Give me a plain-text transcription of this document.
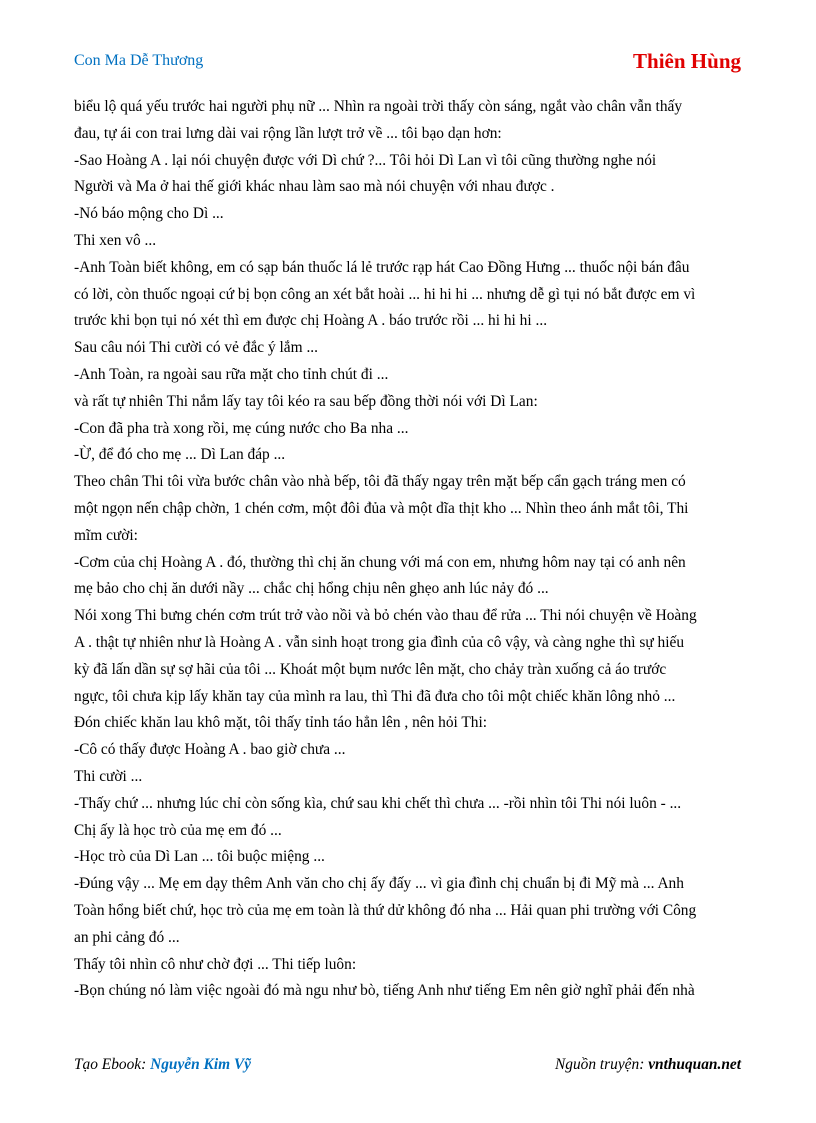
Con Ma Dễ Thương	Thiên Hùng

biểu lộ quá yếu trước hai người phụ nữ ... Nhìn ra ngoài trời thấy còn sáng, ngắt vào chân vẫn thấy

đau, tự ái con trai lưng dài vai rộng lần lượt trở về ... tôi bạo dạn hơn:

-Sao Hoàng A . lại nói chuyện được với Dì chứ ?... Tôi hỏi Dì Lan vì tôi cũng thường nghe nói

Người và Ma ở hai thế giới khác nhau làm sao mà nói chuyện với nhau được .

-Nó báo mộng cho Dì ...

Thi xen vô ...

-Anh Toàn biết không, em có sạp bán thuốc lá lẻ trước rạp hát Cao Đồng Hưng ... thuốc nội bán đâu

có lời, còn thuốc ngoại cứ bị bọn công an xét bắt hoài ... hi hi hi ... nhưng dễ gì tụi nó bắt được em vì

trước khi bọn tụi nó xét thì em được chị Hoàng A . báo trước rồi ... hi hi hi ...

Sau câu nói Thi cười có vẻ đắc ý lắm ...

-Anh Toàn, ra ngoài sau rữa mặt cho tỉnh chút đi ...

và rất tự nhiên Thi nắm lấy tay tôi kéo ra sau bếp đồng thời nói với Dì Lan:

-Con đã pha trà xong rồi, mẹ cúng nước cho Ba nha ...

-Ừ, để đó cho mẹ ... Dì Lan đáp ...

Theo chân Thi tôi vừa bước chân vào nhà bếp, tôi đã thấy ngay trên mặt bếp cẩn gạch tráng men có

một ngọn nến chập chờn, 1 chén cơm, một đôi đủa và một dĩa thịt kho ... Nhìn theo ánh mắt tôi, Thi

mĩm cười:

-Cơm của chị Hoàng A . đó, thường thì chị ăn chung với má con em, nhưng hôm nay tại có anh nên

mẹ bảo cho chị ăn dưới nầy ... chắc chị hổng chịu nên ghẹo anh lúc nảy đó ...

Nói xong Thi bưng chén cơm trút trở vào nồi và bỏ chén vào thau để rửa ... Thi nói chuyện về Hoàng

A . thật tự nhiên như là Hoàng A . vẫn sinh hoạt trong gia đình của cô vậy, và càng nghe thì sự hiếu

kỳ đã lấn dần sự sợ hãi của tôi ... Khoát một bụm nước lên mặt, cho chảy tràn xuống cả áo trước

ngực, tôi chưa kịp lấy khăn tay của mình ra lau, thì Thi đã đưa cho tôi một chiếc khăn lông nhỏ ...

Đón chiếc khăn lau khô mặt, tôi thấy tỉnh táo hẳn lên , nên hỏi Thi:

-Cô có thấy được Hoàng A . bao giờ chưa ...

Thi cười ...

-Thấy chứ ... nhưng lúc chỉ còn sống kìa, chứ sau khi chết thì chưa ... -rồi nhìn tôi Thi nói luôn - ...

Chị ấy là học trò của mẹ em đó ...

-Học trò của Dì Lan ... tôi buộc miệng ...

-Đúng vậy ... Mẹ em dạy thêm Anh văn cho chị ấy đấy ... vì gia đình chị chuẩn bị đi Mỹ mà ... Anh

Toàn hổng biết chứ, học trò của mẹ em toàn là thứ dử không đó nha ... Hải quan phi trường với Công

an phi cảng đó ...

Thấy tôi nhìn cô như chờ đợi ... Thi tiếp luôn:

-Bọn chúng nó làm việc ngoài đó mà ngu như bò, tiếng Anh như tiếng Em nên giờ nghĩ phải đến nhà

Tạo Ebook: Nguyễn Kim Vỹ	Nguồn truyện: vnthuquan.net
